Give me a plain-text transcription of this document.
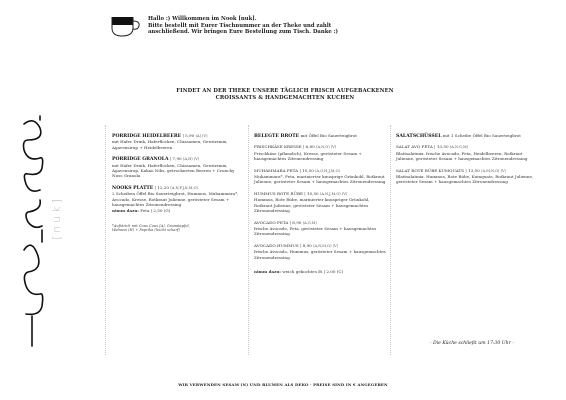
Hallo :) Willkommen im Nook [nuk].
Bitte bestellt mit Eurer Tischnummer an der Theke und zahlt
anschließend. Wir bringen Eure Bestellung zum Tisch. Danke :)
FINDET AN DER THEKE UNSERE TÄGLICH FRISCH AUFGEBACKENEN
CROISSANTS & HANDGEMACHTEN KUCHEN
[nuk]
PORRIDGE HEIDELBEERE | 5,90 (A) (V)
mit Hafer Drink, Haferflocken, Chiasamen, Gewürzmix, Agavensirup + Heidelbeeren
PORRIDGE GRANOLA | 7,90 (A,H) (V)
mit Hafer Drink, Haferflocken, Chiasamen, Gewürzmix, Agavensirup, Kakao Nibs, getrockneten Beeren + Crunchy Nuss Granola
NOOKS PLATTE | 12,20 (A,N,F,J,K,M,O)
2 Scheiben Öffel Bio Sauerteigbrot, Hummus, Muhammara*, Avocado, Kresse, Rotkraut Julienne, gerösteter Sesam + hausgemachtes Zitronendressing
nimm dazu: Feta | 2,50 (G)
*Aufstrich mit Cous Cous (A), Granatapfel,
Walnuss (H) + Paprika (leicht scharf)
BELEGTE BROTE mit Öffel Bio Sauerteigbrot
FRISCHKÄSE KRESSE | 6,80 (A,N,O) (V)
Frischkäse (pflanzlich), Kresse, gerösteter Sesam + hausgemachtes Zitronendressing
MUHAMMARA FETA | 10,50 (A,G,H,J,M,O)
Muhammara*, Feta, marinierter knusprige Grünkohl, Rotkraut Julienne, gerösteter Sesam + hausgemachtes Zitronendressing
HUMMUS ROTE RÜBE | 10,50 (A,N,J,M,O) (V)
Hummus, Rote Rübe, marinierter knuspriger Grünkohl, Rotkraut Julienne, gerösteter Sesam + hausgemachtes Zitronendressing
AVOCADO FETA | 8,90 (A,G,M)
frische Avocado, Feta, gerösteter Sesam + hausgemachtes Zitronendressing
AVOCADO HUMMUS | 8,90 (A,N,M,O) (V)
frische Avocado, Hummus, gerösteter Sesam + hausgemachtes Zitronendressing
nimm dazu: weich gekochtes Ei | 2,00 (C)
SALATSCHÜSSEL mit 1 Scheibe Öffel Bio Sauerteigbrot
SALAT AVO FETA | 13,50 (A,N,G,M)
Blattsalatmix, frische Avocado, Feta, Heidelbeeren, Rotkraut Julienne, gerösteter Sesam + hausgemachtes Zitronendressing
SALAT ROTE RÜBE KUMQUATS | 13,50 (A,M,N,O) (V)
Blattsalatmix, Hummus, Rote Rübe, Kumquats, Rotkraut Julienne, gerösteter Sesam + hausgemachtes Zitronendressing
- Die Küche schließt um 17:30 Uhr -
WIR VERWENDEN SESAM (N) UND BLUMEN ALS DEKO · PREISE SIND IN € ANGEGEBEN
